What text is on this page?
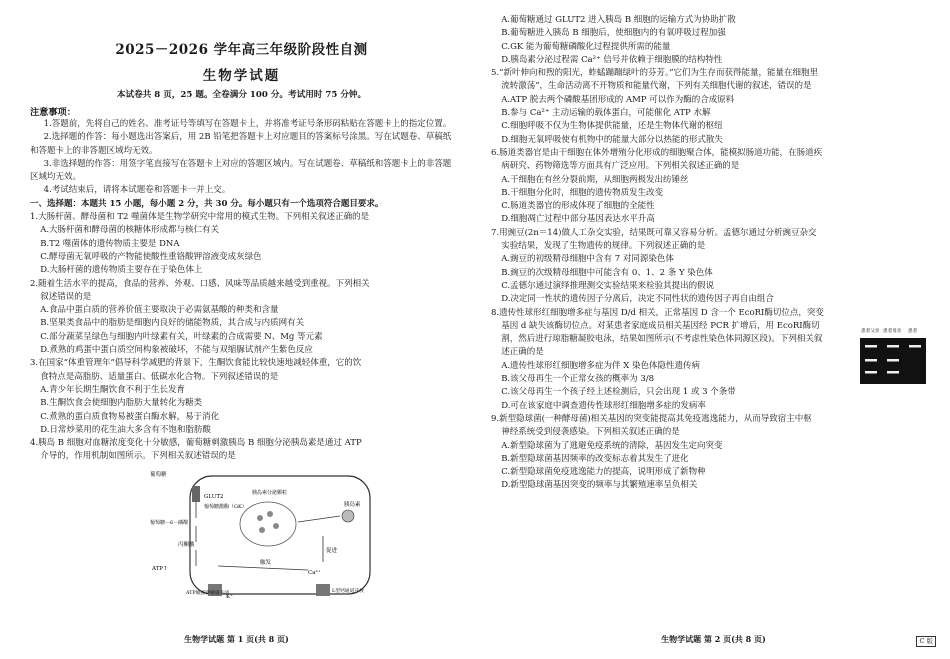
2025－2026 学年高三年级阶段性自测
生物学试题
本试卷共 8 页，25 题。全卷满分 100 分。考试用时 75 分钟。
注意事项：

1.答题前，先将自己的姓名、准考证号等填写在答题卡上，并将准考证号条形码粘贴在答题卡上的指定位置。

2.选择题的作答：每小题选出答案后，用 2B 铅笔把答题卡上对应题目的答案标号涂黑。写在试题卷、草稿纸和答题卡上的非答题区域均无效。

3.非选择题的作答：用签字笔直接写在答题卡上对应的答题区域内。写在试题卷、草稿纸和答题卡上的非答题区域均无效。

4.考试结束后，请将本试题卷和答题卡一并上交。

一、选择题：本题共 15 小题，每小题 2 分，共 30 分。每小题只有一个选项符合题目要求。

1.大肠杆菌、酵母菌和 T2 噬菌体是生物学研究中常用的模式生物。下列相关叙述正确的是

A.大肠杆菌和酵母菌的核糖体形成都与核仁有关

B.T2 噬菌体的遗传物质主要是 DNA

C.酵母菌无氧呼吸的产物能使酸性重铬酸钾溶液变成灰绿色

D.大肠杆菌的遗传物质主要存在于染色体上

2.随着生活水平的提高，食品的营养、外观、口感、风味等品质越来越受到重视。下列相关

叙述错误的是

A.食品中蛋白质的营养价值主要取决于必需氨基酸的种类和含量

B.坚果类食品中的脂肪是细胞内良好的储能物质，其合成与内质网有关

C.部分蔬菜呈绿色与细胞内叶绿素有关，叶绿素的合成需要 N、Mg 等元素

D.煮熟的鸡蛋中蛋白质空间构象被破坏，不能与双缩脲试剂产生紫色反应

3.在国家“体重管理年”倡导科学减肥的背景下，生酮饮食能比较快速地减轻体重，它的饮

食特点是高脂肪、适量蛋白、低碳水化合物。下列叙述错误的是

A.青少年长期生酮饮食不利于生长发育

B.生酮饮食会使细胞内脂肪大量转化为糖类

C.煮熟的蛋白质食物易被蛋白酶水解，易于消化

D.日常炒菜用的花生油大多含有不饱和脂肪酸

4.胰岛 B 细胞对血糖浓度变化十分敏感，葡萄糖刺激胰岛 B 细胞分泌胰岛素是通过 ATP

介导的，作用机制如图所示。下列相关叙述错误的是

葡萄糖
GLUT2
葡萄糖激酶（GK）
葡萄糖－6－磷酸
丙酮酸
ATP↑
ATP敏感钾通道关闭
胰岛素分泌颗粒
胰岛素
促进
触发
Ca²⁺
L型钙通道开放
K⁺
生物学试题 第 1 页(共 8 页)

A.葡萄糖通过 GLUT2 进入胰岛 B 细胞的运输方式为协助扩散

B.葡萄糖进入胰岛 B 细胞后，使细胞内的有氧呼吸过程加强

C.GK 能为葡萄糖磷酸化过程提供所需的能量

D.胰岛素分泌过程需 Ca²⁺ 信号并依赖于细胞膜的结构特性

5.“新叶伸向和煦的阳光，蚱蜢蹦蹦绿叶的芬芳。”它们为生存而获得能量，能量在细胞里

流转激荡”，生命活动离不开物质和能量代谢，下列有关细胞代谢的叙述，错误的是

A.ATP 脱去两个磷酸基团形成的 AMP 可以作为酶的合成原料

B.参与 Ca²⁺ 主动运输的载体蛋白，可能催化 ATP 水解

C.细胞呼吸不仅为生物体提供能量，还是生物体代谢的枢纽

D.细胞无氧呼吸使有机物中的能量大部分以热能的形式散失

6.肠道类器官是由干细胞在体外增殖分化形成的细胞聚合体，能模拟肠道功能，在肠道疾

病研究、药物筛选等方面具有广泛应用。下列相关叙述正确的是

A.干细胞在有丝分裂前期，从细胞两极发出纺锤丝

B.干细胞分化时，细胞的遗传物质发生改变

C.肠道类器官的形成体现了细胞的全能性

D.细胞凋亡过程中部分基因表达水平升高

7.用豌豆(2n＝14)做人工杂交实验，结果既可靠又容易分析。孟德尔通过分析豌豆杂交

实验结果，发现了生物遗传的规律。下列叙述正确的是

A.豌豆的初级精母细胞中含有 7 对同源染色体

B.豌豆的次级精母细胞中可能含有 0、1、2 条 Y 染色体

C.孟德尔通过演绎推理测交实验结果来检验其提出的假说

D.决定同一性状的遗传因子分离后，决定不同性状的遗传因子再自由组合

8.遗传性球形红细胞增多症与基因 D/d 相关，正常基因 D 含一个 EcoRⅠ酶切位点，突变

基因 d 缺失该酶切位点。对某患者家庭成员相关基因经 PCR 扩增后，用 EcoRⅠ酶切

割，然后进行琼脂糖凝胶电泳，结果如图所示(不考虑性染色体同源区段)。下列相关叙

述正确的是

A.遗传性球形红细胞增多症为伴 X 染色体隐性遗传病

B.该父母再生一个正常女孩的概率为 3/8

C.该父母再生一个孩子经上述检测后，只会出现 1 或 3 个条带

D.可在该家庭中调查遗传性球形红细胞增多症的发病率

9.新型隐球菌(一种酵母菌)相关基因的突变能提高其免疫逃逸能力，从而导致宿主中枢

神经系统受到侵袭感染。下列相关叙述正确的是

A.新型隐球菌为了逃避免疫系统的清除，基因发生定向突变

B.新型隐球菌基因频率的改变标志着其发生了进化

C.新型隐球菌免疫逃逸能力的提高，说明形成了新物种

D.新型隐球菌基因突变的频率与其繁殖速率呈负相关

患者父亲 患者母亲 患者
生物学试题 第 2 页(共 8 页)	C 版
